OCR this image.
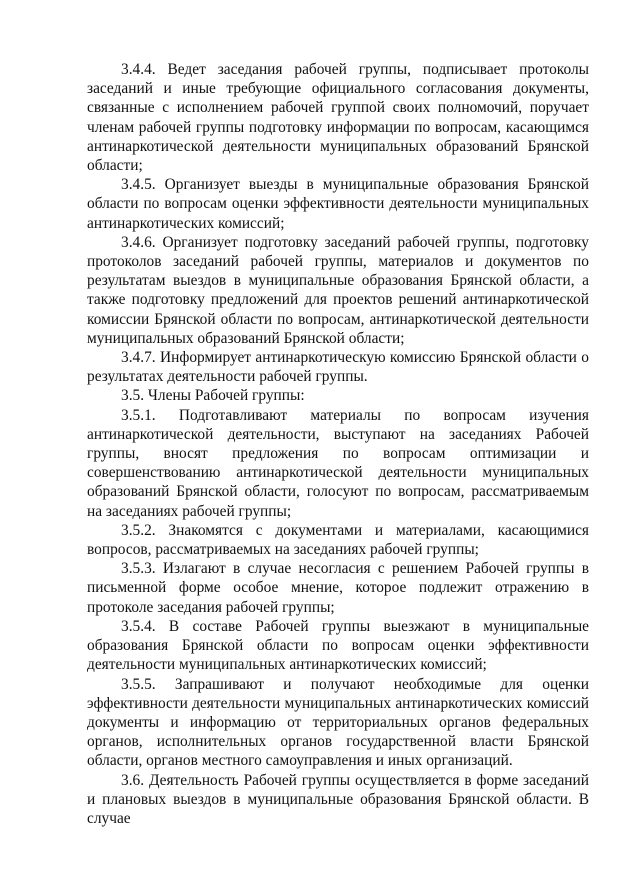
3.4.4. Ведет заседания рабочей группы, подписывает протоколы заседаний и иные требующие официального согласования документы, связанные с исполнением рабочей группой своих полномочий, поручает членам рабочей группы подготовку информации по вопросам, касающимся антинаркотической деятельности муниципальных образований Брянской области;

3.4.5. Организует выезды в муниципальные образования Брянской области по вопросам оценки эффективности деятельности муниципальных антинаркотических комиссий;

3.4.6. Организует подготовку заседаний рабочей группы, подготовку протоколов заседаний рабочей группы, материалов и документов по результатам выездов в муниципальные образования Брянской области, а также подготовку предложений для проектов решений антинаркотической комиссии Брянской области по вопросам, антинаркотической деятельности муниципальных образований Брянской области;

3.4.7. Информирует антинаркотическую комиссию Брянской области о результатах деятельности рабочей группы.

3.5. Члены Рабочей группы:

3.5.1. Подготавливают материалы по вопросам изучения антинаркотической деятельности, выступают на заседаниях Рабочей группы, вносят предложения по вопросам оптимизации и совершенствованию антинаркотической деятельности муниципальных образований Брянской области, голосуют по вопросам, рассматриваемым на заседаниях рабочей группы;

3.5.2. Знакомятся с документами и материалами, касающимися вопросов, рассматриваемых на заседаниях рабочей группы;

3.5.3. Излагают в случае несогласия с решением Рабочей группы в письменной форме особое мнение, которое подлежит отражению в протоколе заседания рабочей группы;

3.5.4. В составе Рабочей группы выезжают в муниципальные образования Брянской области по вопросам оценки эффективности деятельности муниципальных антинаркотических комиссий;

3.5.5. Запрашивают и получают необходимые для оценки эффективности деятельности муниципальных антинаркотических комиссий документы и информацию от территориальных органов федеральных органов, исполнительных органов государственной власти Брянской области, органов местного самоуправления и иных организаций.

3.6. Деятельность Рабочей группы осуществляется в форме заседаний и плановых выездов в муниципальные образования Брянской области. В случае
